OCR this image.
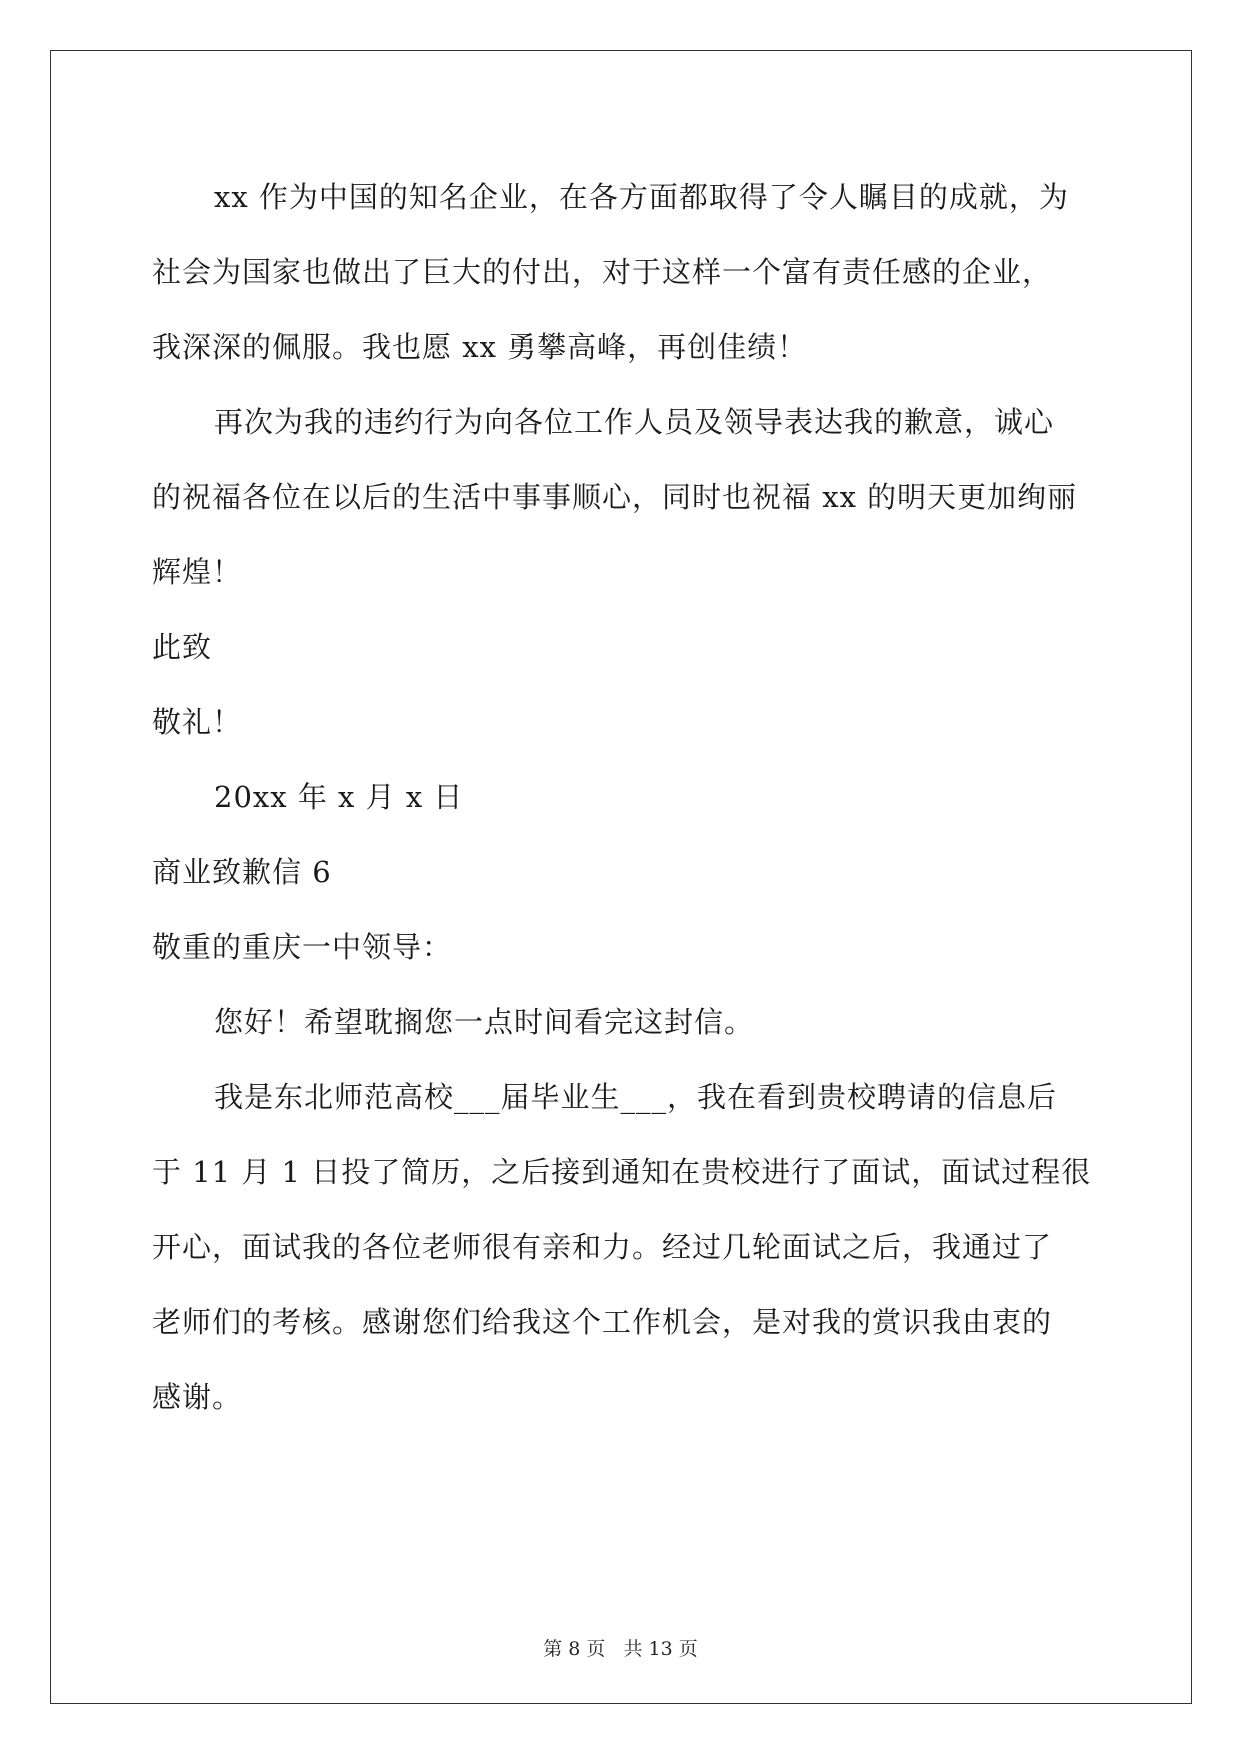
xx 作为中国的知名企业，在各方面都取得了令人瞩目的成就，为
社会为国家也做出了巨大的付出，对于这样一个富有责任感的企业，
我深深的佩服。我也愿 xx 勇攀高峰，再创佳绩！

再次为我的违约行为向各位工作人员及领导表达我的歉意，诚心
的祝福各位在以后的生活中事事顺心，同时也祝福 xx 的明天更加绚丽
辉煌！

此致

敬礼！

20xx 年 x 月 x 日

商业致歉信 6

敬重的重庆一中领导：

您好！希望耽搁您一点时间看完这封信。

我是东北师范高校___届毕业生___，我在看到贵校聘请的信息后
于 11 月 1 日投了简历，之后接到通知在贵校进行了面试，面试过程很
开心，面试我的各位老师很有亲和力。经过几轮面试之后，我通过了
老师们的考核。感谢您们给我这个工作机会，是对我的赏识我由衷的
感谢。

第 8 页 共 13 页
